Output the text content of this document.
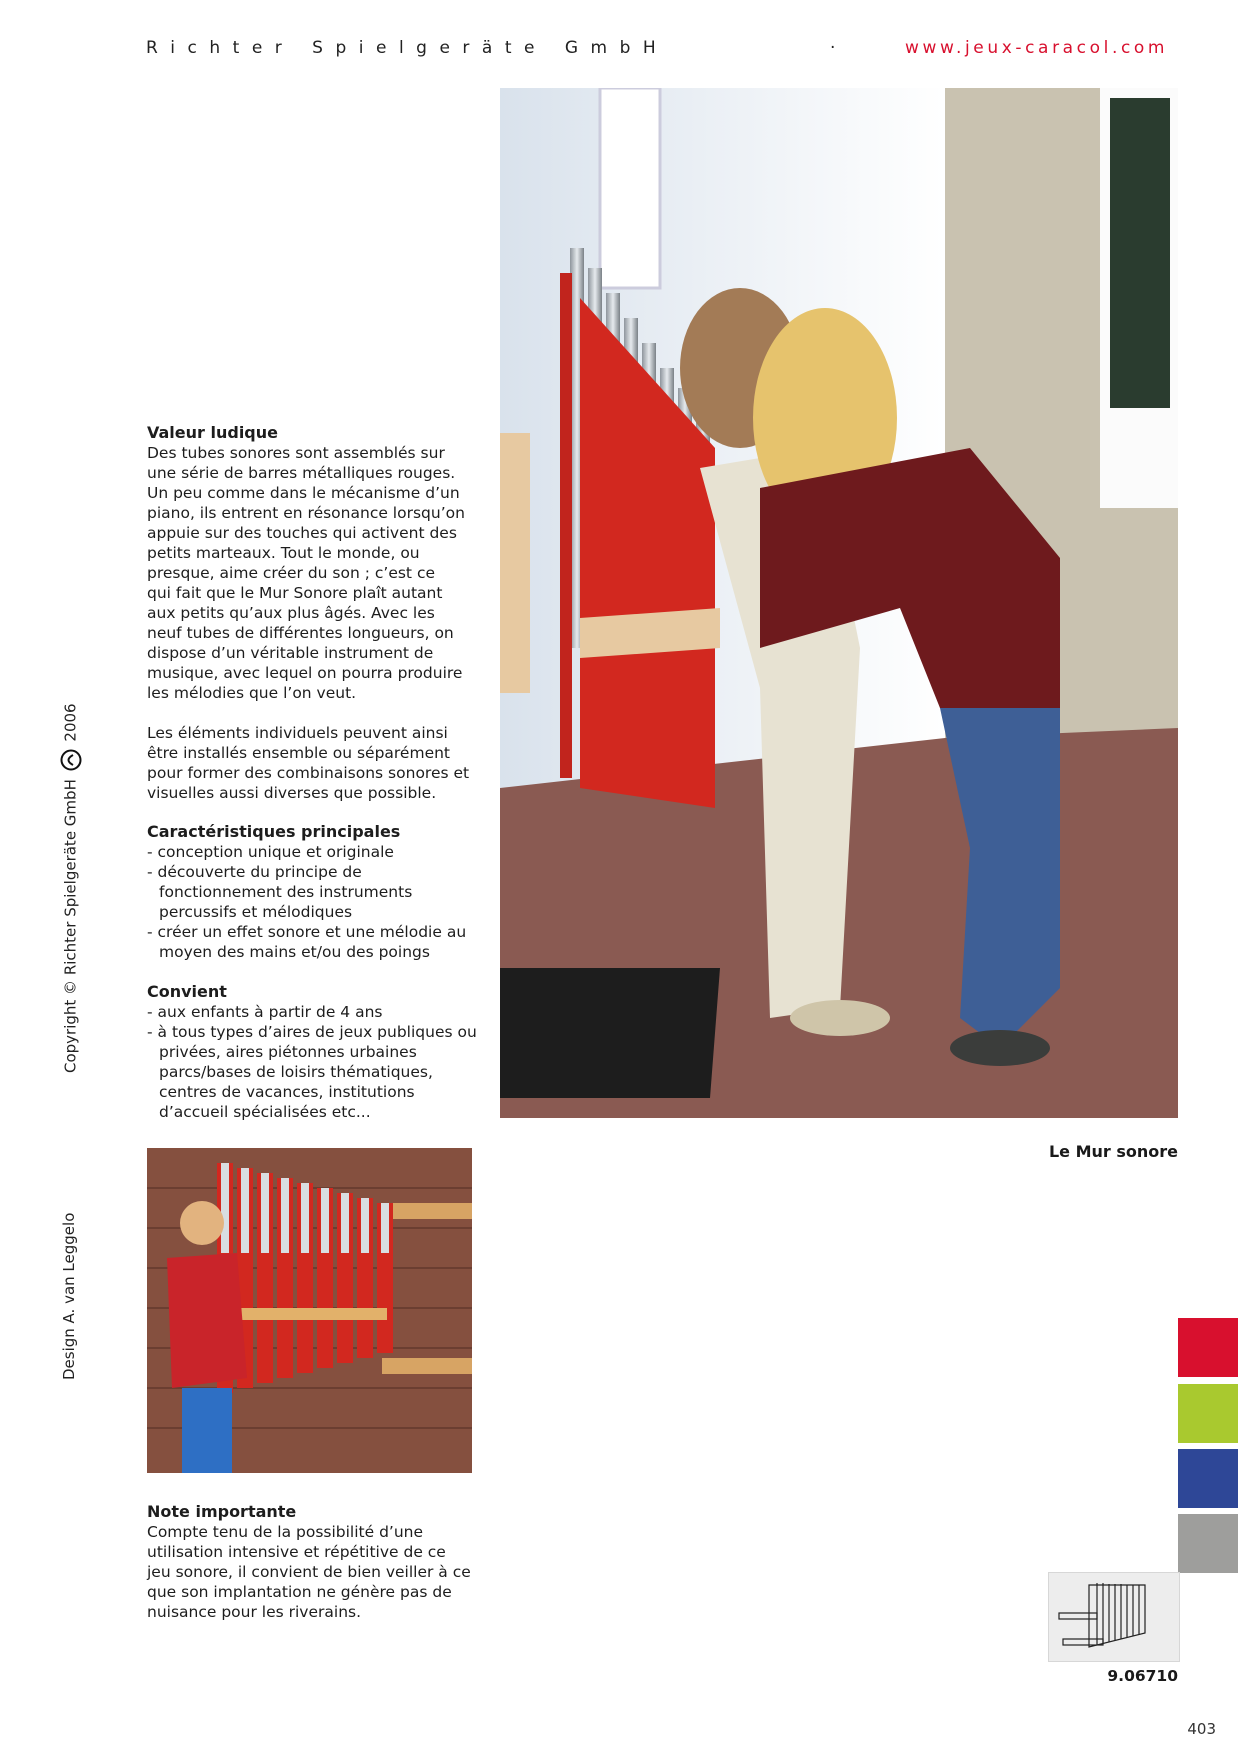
Richter Spielgeräte GmbH	·	www.jeux-caracol.com
Valeur ludique

Des tubes sonores sont assemblés sur
une série de barres métalliques rouges.
Un peu comme dans le mécanisme d’un
piano, ils entrent en résonance lorsqu’on
appuie sur des touches qui activent des
petits marteaux. Tout le monde, ou
presque, aime créer du son ; c’est ce
qui fait que le Mur Sonore plaît autant
aux petits qu’aux plus âgés. Avec les
neuf tubes de différentes longueurs, on
dispose d’un véritable instrument de
musique, avec lequel on pourra produire
les mélodies que l’on veut.

Les éléments individuels peuvent ainsi
être installés ensemble ou séparément
pour former des combinaisons sonores et
visuelles aussi diverses que possible.

Caractéristiques principales
- conception unique et originale
- découverte du principe de fonctionnement des instruments percussifs et mélodiques
- créer un effet sonore et une mélodie au moyen des mains et/ou des poings
Convient
- aux enfants à partir de 4 ans
- à tous types d’aires de jeux publiques ou privées, aires piétonnes urbaines parcs/bases de loisirs thématiques, centres de vacances, institutions d’accueil spécialisées etc...
Note importante

Compte tenu de la possibilité d’une
utilisation intensive et répétitive de ce
jeu sonore, il convient de bien veiller à ce
que son implantation ne génère pas de
nuisance pour les riverains.

Le Mur sonore
9.06710
403
Copyright © Richter Spielgeräte GmbH  2006
Design A. van Leggelo
